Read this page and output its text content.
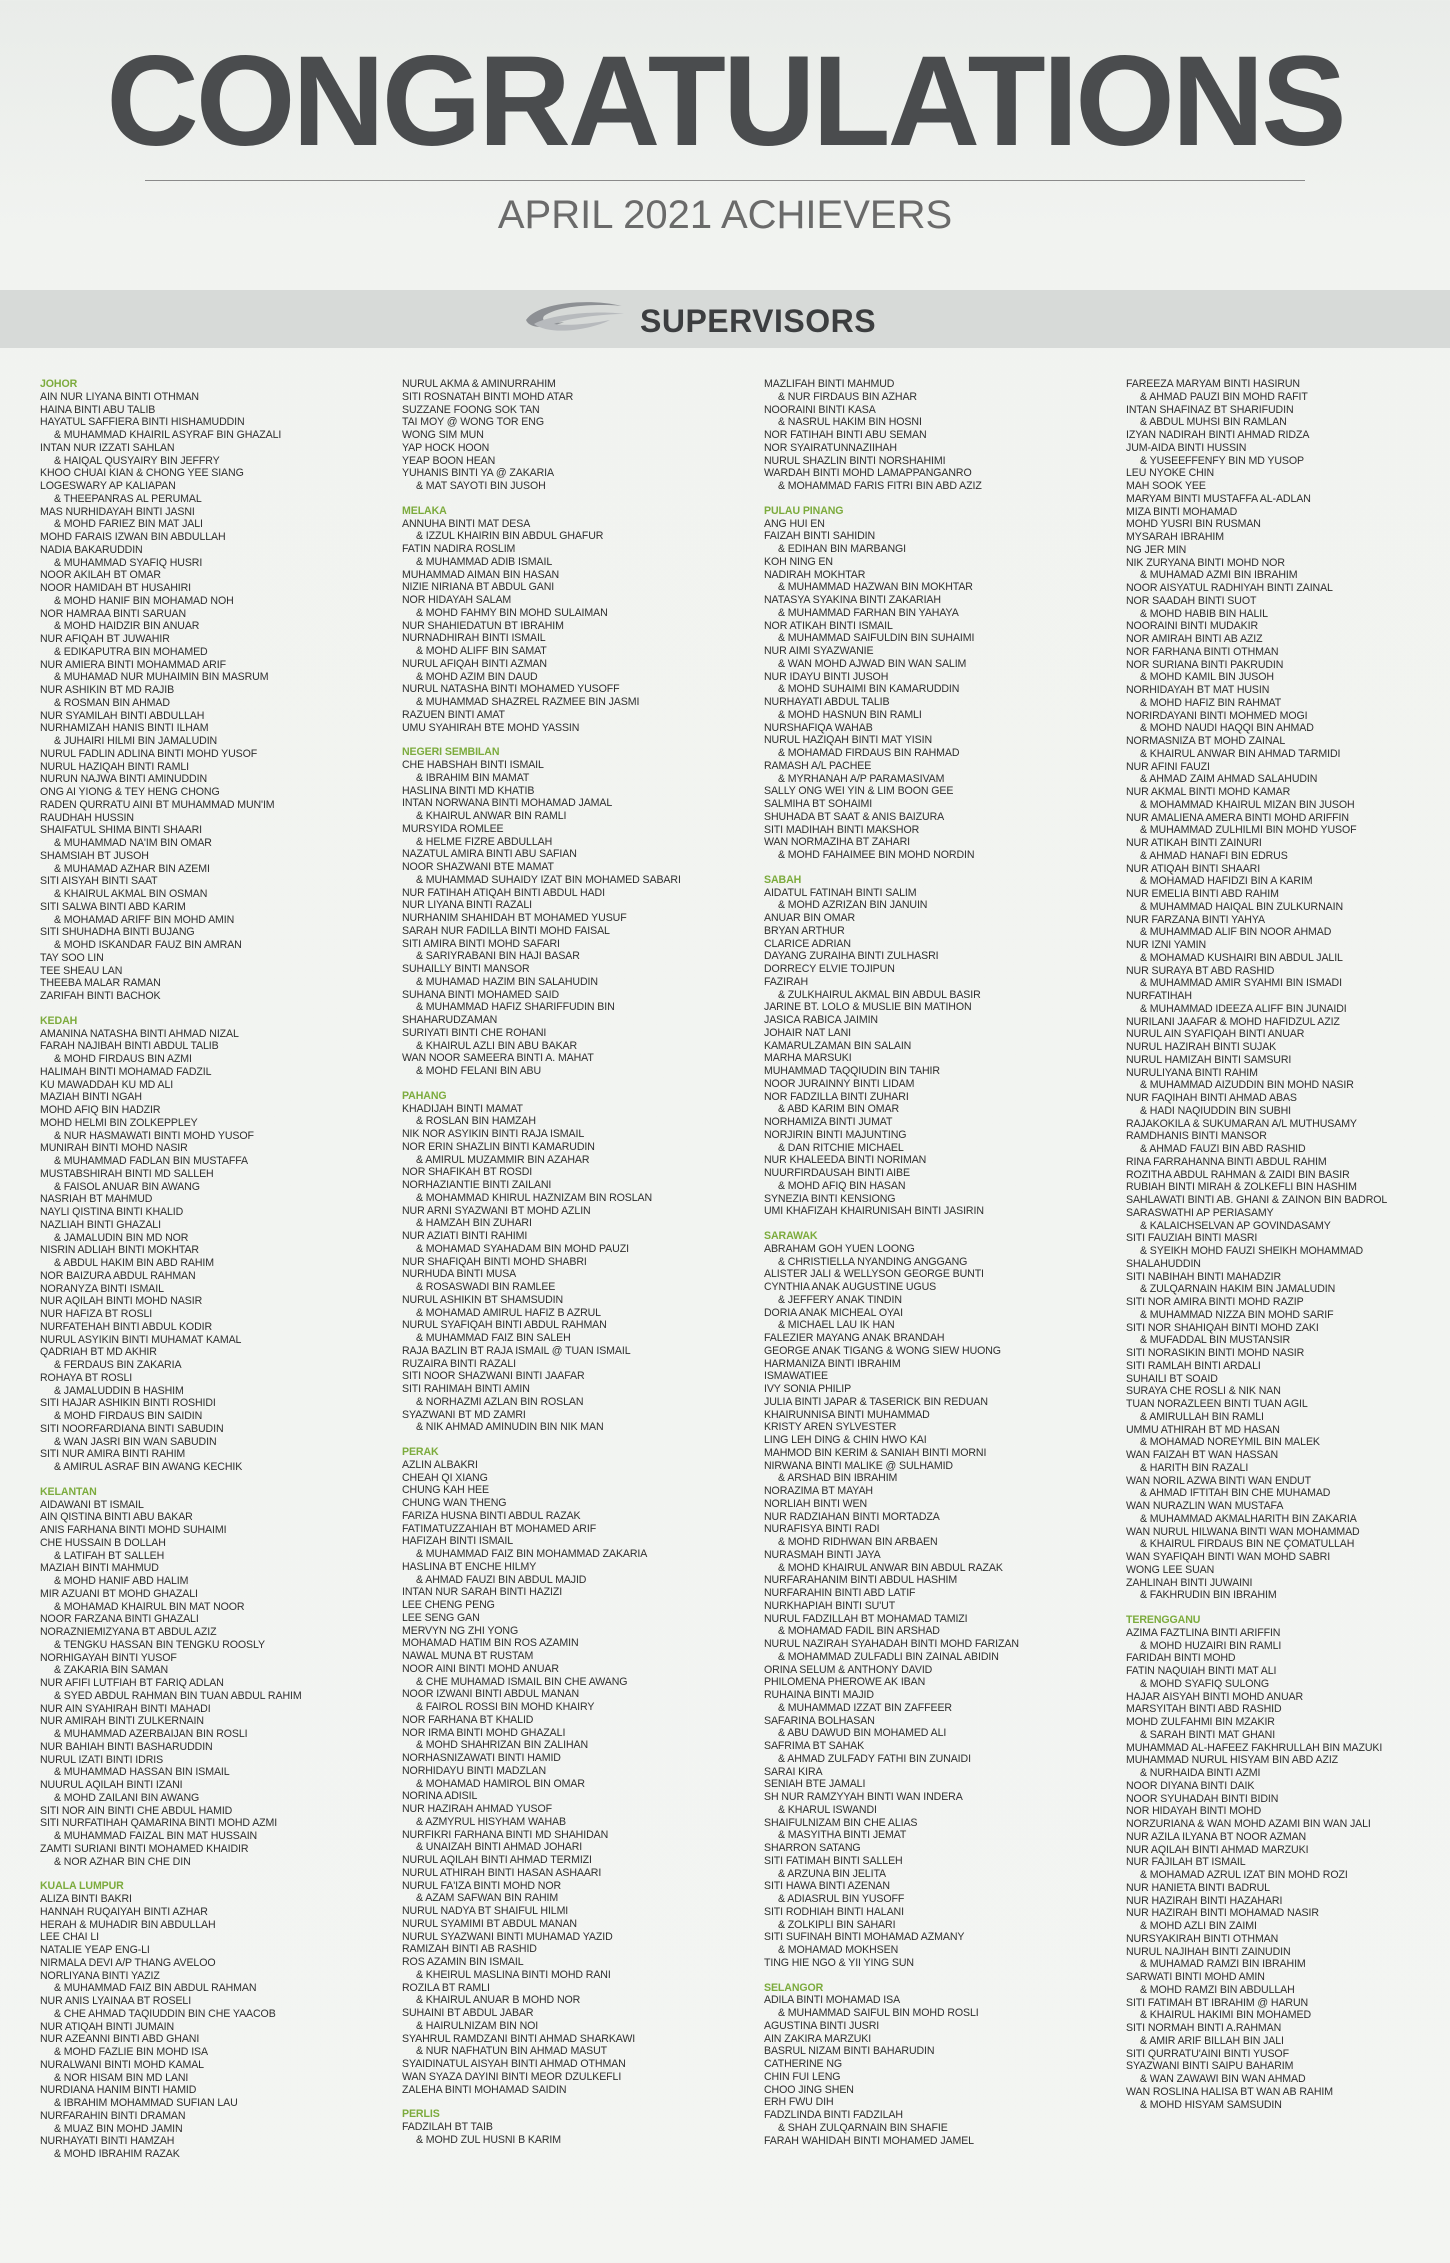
CONGRATULATIONS
APRIL 2021 ACHIEVERS
SUPERVISORS
JOHOR
AIN NUR LIYANA BINTI OTHMAN
HAINA BINTI ABU TALIB
HAYATUL SAFFIERA BINTI HISHAMUDDIN
& MUHAMMAD KHAIRIL ASYRAF BIN GHAZALI
INTAN NUR IZZATI SAHLAN
& HAIQAL QUSYAIRY BIN JEFFRY
KHOO CHUAI KIAN & CHONG YEE SIANG
LOGESWARY AP KALIAPAN
& THEEPANRAS AL PERUMAL
MAS NURHIDAYAH BINTI JASNI
& MOHD FARIEZ BIN MAT JALI
MOHD FARAIS IZWAN BIN ABDULLAH
NADIA BAKARUDDIN
& MUHAMMAD SYAFIQ HUSRI
NOOR AKILAH BT OMAR
NOOR HAMIDAH BT HUSAHIRI
& MOHD HANIF BIN MOHAMAD NOH
NOR HAMRAA BINTI SARUAN
& MOHD HAIDZIR BIN ANUAR
NUR AFIQAH BT JUWAHIR
& EDIKAPUTRA BIN MOHAMED
NUR AMIERA BINTI MOHAMMAD ARIF
& MUHAMAD NUR MUHAIMIN BIN MASRUM
NUR ASHIKIN BT MD RAJIB
& ROSMAN BIN AHMAD
NUR SYAMILAH BINTI ABDULLAH
NURHAMIZAH HANIS BINTI ILHAM
& JUHAIRI HILMI BIN JAMALUDIN
NURUL FADLIN ADLINA BINTI MOHD YUSOF
NURUL HAZIQAH BINTI RAMLI
NURUN NAJWA BINTI AMINUDDIN
ONG AI YIONG & TEY HENG CHONG
RADEN QURRATU AINI BT MUHAMMAD MUN'IM
RAUDHAH HUSSIN
SHAIFATUL SHIMA BINTI SHAARI
& MUHAMMAD NA'IM BIN OMAR
SHAMSIAH BT JUSOH
& MUHAMAD AZHAR BIN AZEMI
SITI AISYAH BINTI SAAT
& KHAIRUL AKMAL BIN OSMAN
SITI SALWA BINTI ABD KARIM
& MOHAMAD ARIFF BIN MOHD AMIN
SITI SHUHADHA BINTI BUJANG
& MOHD ISKANDAR FAUZ BIN AMRAN
TAY SOO LIN
TEE SHEAU LAN
THEEBA MALAR RAMAN
ZARIFAH BINTI BACHOK
KEDAH
AMANINA NATASHA BINTI AHMAD NIZAL
FARAH NAJIBAH BINTI ABDUL TALIB
& MOHD FIRDAUS BIN AZMI
HALIMAH BINTI MOHAMAD FADZIL
KU MAWADDAH KU MD ALI
MAZIAH BINTI NGAH
MOHD AFIQ BIN HADZIR
MOHD HELMI BIN ZOLKEPPLEY
& NUR HASMAWATI BINTI MOHD YUSOF
MUNIRAH BINTI MOHD NASIR
& MUHAMMAD FADLAN BIN MUSTAFFA
MUSTABSHIRAH BINTI MD SALLEH
& FAISOL ANUAR BIN AWANG
NASRIAH BT MAHMUD
NAYLI QISTINA BINTI KHALID
NAZLIAH BINTI GHAZALI
& JAMALUDIN BIN MD NOR
NISRIN ADLIAH BINTI MOKHTAR
& ABDUL HAKIM BIN ABD RAHIM
NOR BAIZURA ABDUL RAHMAN
NORANYZA BINTI ISMAIL
NUR AQILAH BINTI MOHD NASIR
NUR HAFIZA BT ROSLI
NURFATEHAH BINTI ABDUL KODIR
NURUL ASYIKIN BINTI MUHAMAT KAMAL
QADRIAH BT MD AKHIR
& FERDAUS BIN ZAKARIA
ROHAYA BT ROSLI
& JAMALUDDIN B HASHIM
SITI HAJAR ASHIKIN BINTI ROSHIDI
& MOHD FIRDAUS BIN SAIDIN
SITI NOORFARDIANA BINTI SABUDIN
& WAN JASRI BIN WAN SABUDIN
SITI NUR AMIRA BINTI RAHIM
& AMIRUL ASRAF BIN AWANG KECHIK
KELANTAN
AIDAWANI BT ISMAIL
AIN QISTINA BINTI ABU BAKAR
ANIS FARHANA BINTI MOHD SUHAIMI
CHE HUSSAIN B DOLLAH
& LATIFAH BT SALLEH
MAZIAH BINTI MAHMUD
& MOHD HANIF ABD HALIM
MIR AZUANI BT MOHD GHAZALI
& MOHAMAD KHAIRUL BIN MAT NOOR
NOOR FARZANA BINTI GHAZALI
NORAZNIEMIZYANA BT ABDUL AZIZ
& TENGKU HASSAN BIN TENGKU ROOSLY
NORHIGAYAH BINTI YUSOF
& ZAKARIA BIN SAMAN
NUR AFIFI LUTFIAH BT FARIQ ADLAN
& SYED ABDUL RAHMAN BIN TUAN ABDUL RAHIM
NUR AIN SYAHIRAH BINTI MAHADI
NUR AMIRAH BINTI ZULKERNAIN
& MUHAMMAD AZERBAIJAN BIN ROSLI
NUR BAHIAH BINTI BASHARUDDIN
NURUL IZATI BINTI IDRIS
& MUHAMMAD HASSAN BIN ISMAIL
NUURUL AQILAH BINTI IZANI
& MOHD ZAILANI BIN AWANG
SITI NOR AIN BINTI CHE ABDUL HAMID
SITI NURFATIHAH QAMARINA BINTI MOHD AZMI
& MUHAMMAD FAIZAL BIN MAT HUSSAIN
ZAMTI SURIANI BINTI MOHAMED KHAIDIR
& NOR AZHAR BIN CHE DIN
KUALA LUMPUR
ALIZA BINTI BAKRI
HANNAH RUQAIYAH BINTI AZHAR
HERAH & MUHADIR BIN ABDULLAH
LEE CHAI LI
NATALIE YEAP ENG-LI
NIRMALA DEVI A/P THANG AVELOO
NORLIYANA BINTI YAZIZ
& MUHAMMAD FAIZ BIN ABDUL RAHMAN
NUR ANIS LYAINAA BT ROSELI
& CHE AHMAD TAQIUDDIN BIN CHE YAACOB
NUR ATIQAH BINTI JUMAIN
NUR AZEANNI BINTI ABD GHANI
& MOHD FAZLIE BIN MOHD ISA
NURALWANI BINTI MOHD KAMAL
& NOR HISAM BIN MD LANI
NURDIANA HANIM BINTI HAMID
& IBRAHIM MOHAMMAD SUFIAN LAU
NURFARAHIN BINTI DRAMAN
& MUAZ BIN MOHD JAMIN
NURHAYATI BINTI HAMZAH
& MOHD IBRAHIM RAZAK
NURUL AKMA & AMINURRAHIM
SITI ROSNATAH BINTI MOHD ATAR
SUZZANE FOONG SOK TAN
TAI MOY @ WONG TOR ENG
WONG SIM MUN
YAP HOCK HOON
YEAP BOON HEAN
YUHANIS BINTI YA @ ZAKARIA
& MAT SAYOTI BIN JUSOH
MELAKA
ANNUHA BINTI MAT DESA
& IZZUL KHAIRIN BIN ABDUL GHAFUR
FATIN NADIRA ROSLIM
& MUHAMMAD ADIB ISMAIL
MUHAMMAD AIMAN BIN HASAN
NIZIE NIRIANA BT ABDUL GANI
NOR HIDAYAH SALAM
& MOHD FAHMY BIN MOHD SULAIMAN
NUR SHAHIEDATUN BT IBRAHIM
NURNADHIRAH BINTI ISMAIL
& MOHD ALIFF BIN SAMAT
NURUL AFIQAH BINTI AZMAN
& MOHD AZIM BIN DAUD
NURUL NATASHA BINTI MOHAMED YUSOFF
& MUHAMMAD SHAZREL RAZMEE BIN JASMI
RAZUEN BINTI AMAT
UMU SYAHIRAH BTE MOHD YASSIN
NEGERI SEMBILAN
CHE HABSHAH BINTI ISMAIL
& IBRAHIM BIN MAMAT
HASLINA BINTI MD KHATIB
INTAN NORWANA BINTI MOHAMAD JAMAL
& KHAIRUL ANWAR BIN RAMLI
MURSYIDA ROMLEE
& HELME FIZRE ABDULLAH
NAZATUL AMIRA BINTI ABU SAFIAN
NOOR SHAZWANI BTE MAMAT
& MUHAMMAD SUHAIDY IZAT BIN MOHAMED SABARI
NUR FATIHAH ATIQAH BINTI ABDUL HADI
NUR LIYANA BINTI RAZALI
NURHANIM SHAHIDAH BT MOHAMED YUSUF
SARAH NUR FADILLA BINTI MOHD FAISAL
SITI AMIRA BINTI MOHD SAFARI
& SARIYRABANI BIN HAJI BASAR
SUHAILLY BINTI MANSOR
& MUHAMAD HAZIM BIN SALAHUDIN
SUHANA BINTI MOHAMED SAID
& MUHAMMAD HAFIZ SHARIFFUDIN BIN
SHAHARUDZAMAN
SURIYATI BINTI CHE ROHANI
& KHAIRUL AZLI BIN ABU BAKAR
WAN NOOR SAMEERA BINTI A. MAHAT
& MOHD FELANI BIN ABU
PAHANG
KHADIJAH BINTI MAMAT
& ROSLAN BIN HAMZAH
NIK NOR ASYIKIN BINTI RAJA ISMAIL
NOR ERIN SHAZLIN BINTI KAMARUDIN
& AMIRUL MUZAMMIR BIN AZAHAR
NOR SHAFIKAH BT ROSDI
NORHAZIANTIE BINTI ZAILANI
& MOHAMMAD KHIRUL HAZNIZAM BIN ROSLAN
NUR ARNI SYAZWANI BT MOHD AZLIN
& HAMZAH BIN ZUHARI
NUR AZIATI BINTI RAHIMI
& MOHAMAD SYAHADAM BIN MOHD PAUZI
NUR SHAFIQAH BINTI MOHD SHABRI
NURHUDA BINTI MUSA
& ROSASWADI BIN RAMLEE
NURUL ASHIKIN BT SHAMSUDIN
& MOHAMAD AMIRUL HAFIZ B AZRUL
NURUL SYAFIQAH BINTI ABDUL RAHMAN
& MUHAMMAD FAIZ BIN SALEH
RAJA BAZLIN BT RAJA ISMAIL @ TUAN ISMAIL
RUZAIRA BINTI RAZALI
SITI NOOR SHAZWANI BINTI JAAFAR
SITI RAHIMAH BINTI AMIN
& NORHAZMI AZLAN BIN ROSLAN
SYAZWANI BT MD ZAMRI
& NIK AHMAD AMINUDIN BIN NIK MAN
PERAK
AZLIN ALBAKRI
CHEAH QI XIANG
CHUNG KAH HEE
CHUNG WAN THENG
FARIZA HUSNA BINTI ABDUL RAZAK
FATIMATUZZAHIAH BT MOHAMED ARIF
HAFIZAH BINTI ISMAIL
& MUHAMMAD FAIZ BIN MOHAMMAD ZAKARIA
HASLINA BT ENCHE HILMY
& AHMAD FAUZI BIN ABDUL MAJID
INTAN NUR SARAH BINTI HAZIZI
LEE CHENG PENG
LEE SENG GAN
MERVYN NG ZHI YONG
MOHAMAD HATIM BIN ROS AZAMIN
NAWAL MUNA BT RUSTAM
NOOR AINI BINTI MOHD ANUAR
& CHE MUHAMAD ISMAIL BIN CHE AWANG
NOOR IZWANI BINTI ABDUL MANAN
& FAIROL ROSSI BIN MOHD KHAIRY
NOR FARHANA BT KHALID
NOR IRMA BINTI MOHD GHAZALI
& MOHD SHAHRIZAN BIN ZALIHAN
NORHASNIZAWATI BINTI HAMID
NORHIDAYU BINTI MADZLAN
& MOHAMAD HAMIROL BIN OMAR
NORINA ADISIL
NUR HAZIRAH AHMAD YUSOF
& AZMYRUL HISYHAM WAHAB
NURFIKRI FARHANA BINTI MD SHAHIDAN
& UNAIZAH BINTI AHMAD JOHARI
NURUL AQILAH BINTI AHMAD TERMIZI
NURUL ATHIRAH BINTI HASAN ASHAARI
NURUL FA'IZA BINTI MOHD NOR
& AZAM SAFWAN BIN RAHIM
NURUL NADYA BT SHAIFUL HILMI
NURUL SYAMIMI BT ABDUL MANAN
NURUL SYAZWANI BINTI MUHAMAD YAZID
RAMIZAH BINTI AB RASHID
ROS AZAMIN BIN ISMAIL
& KHEIRUL MASLINA BINTI MOHD RANI
ROZILA BT RAMLI
& KHAIRUL ANUAR B MOHD NOR
SUHAINI BT ABDUL JABAR
& HAIRULNIZAM BIN NOI
SYAHRUL RAMDZANI BINTI AHMAD SHARKAWI
& NUR NAFHATUN BIN AHMAD MASUT
SYAIDINATUL AISYAH BINTI AHMAD OTHMAN
WAN SYAZA DAYINI BINTI MEOR DZULKEFLI
ZALEHA BINTI MOHAMAD SAIDIN
PERLIS
FADZILAH BT TAIB
& MOHD ZUL HUSNI B KARIM
MAZLIFAH BINTI MAHMUD
& NUR FIRDAUS BIN AZHAR
NOORAINI BINTI KASA
& NASRUL HAKIM BIN HOSNI
NOR FATIHAH BINTI ABU SEMAN
NOR SYAIRATUNNAZIIHAH
NURUL SHAZLIN BINTI NORSHAHIMI
WARDAH BINTI MOHD LAMAPPANGANRO
& MOHAMMAD FARIS FITRI BIN ABD AZIZ
PULAU PINANG
ANG HUI EN
FAIZAH BINTI SAHIDIN
& EDIHAN BIN MARBANGI
KOH NING EN
NADIRAH MOKHTAR
& MUHAMMAD HAZWAN BIN MOKHTAR
NATASYA SYAKINA BINTI ZAKARIAH
& MUHAMMAD FARHAN BIN YAHAYA
NOR ATIKAH BINTI ISMAIL
& MUHAMMAD SAIFULDIN BIN SUHAIMI
NUR AIMI SYAZWANIE
& WAN MOHD AJWAD BIN WAN SALIM
NUR IDAYU BINTI JUSOH
& MOHD SUHAIMI BIN KAMARUDDIN
NURHAYATI ABDUL TALIB
& MOHD HASNUN BIN RAMLI
NURSHAFIQA WAHAB
NURUL HAZIQAH BINTI MAT YISIN
& MOHAMAD FIRDAUS BIN RAHMAD
RAMASH A/L PACHEE
& MYRHANAH A/P PARAMASIVAM
SALLY ONG WEI YIN & LIM BOON GEE
SALMIHA BT SOHAIMI
SHUHADA BT SAAT & ANIS BAIZURA
SITI MADIHAH BINTI MAKSHOR
WAN NORMAZIHA BT ZAHARI
& MOHD FAHAIMEE BIN MOHD NORDIN
SABAH
AIDATUL FATINAH BINTI SALIM
& MOHD AZRIZAN BIN JANUIN
ANUAR BIN OMAR
BRYAN ARTHUR
CLARICE ADRIAN
DAYANG ZURAIHA BINTI ZULHASRI
DORRECY ELVIE TOJIPUN
FAZIRAH
& ZULKHAIRUL AKMAL BIN ABDUL BASIR
JARINE BT. LOLO & MUSLIE BIN MATIHON
JASICA RABICA JAIMIN
JOHAIR NAT LANI
KAMARULZAMAN BIN SALAIN
MARHA MARSUKI
MUHAMMAD TAQQIUDIN BIN TAHIR
NOOR JURAINNY BINTI LIDAM
NOR FADZILLA BINTI ZUHARI
& ABD KARIM BIN OMAR
NORHAMIZA BINTI JUMAT
NORJIRIN BINTI MAJUNTING
& DAN RITCHIE MICHAEL
NUR KHALEEDA BINTI NORIMAN
NUURFIRDAUSAH BINTI AIBE
& MOHD AFIQ BIN HASAN
SYNEZIA BINTI KENSIONG
UMI KHAFIZAH KHAIRUNISAH BINTI JASIRIN
SARAWAK
ABRAHAM GOH YUEN LOONG
& CHRISTIELLA NYANDING ANGGANG
ALISTER JALI & WELLYSON GEORGE BUNTI
CYNTHIA ANAK AUGUSTINE UGUS
& JEFFERY ANAK TINDIN
DORIA ANAK MICHEAL OYAI
& MICHAEL LAU IK HAN
FALEZIER MAYANG ANAK BRANDAH
GEORGE ANAK TIGANG & WONG SIEW HUONG
HARMANIZA BINTI IBRAHIM
ISMAWATIEE
IVY SONIA PHILIP
JULIA BINTI JAPAR & TASERICK BIN REDUAN
KHAIRUNNISA BINTI MUHAMMAD
KRISTY AREN SYLVESTER
LING LEH DING & CHIN HWO KAI
MAHMOD BIN KERIM & SANIAH BINTI MORNI
NIRWANA BINTI MALIKE @ SULHAMID
& ARSHAD BIN IBRAHIM
NORAZIMA BT MAYAH
NORLIAH BINTI WEN
NUR RADZIAHAN BINTI MORTADZA
NURAFISYA BINTI RADI
& MOHD RIDHWAN BIN ARBAEN
NURASMAH BINTI JAYA
& MOHD KHAIRUL ANWAR BIN ABDUL RAZAK
NURFARAHANIM BINTI ABDUL HASHIM
NURFARAHIN BINTI ABD LATIF
NURKHAPIAH BINTI SU'UT
NURUL FADZILLAH BT MOHAMAD TAMIZI
& MOHAMAD FADIL BIN ARSHAD
NURUL NAZIRAH SYAHADAH BINTI MOHD FARIZAN
& MOHAMMAD ZULFADLI BIN ZAINAL ABIDIN
ORINA SELUM & ANTHONY DAVID
PHILOMENA PHEROWE AK IBAN
RUHAINA BINTI MAJID
& MUHAMMAD IZZAT BIN ZAFFEER
SAFARINA BOLHASAN
& ABU DAWUD BIN MOHAMED ALI
SAFRIMA BT SAHAK
& AHMAD ZULFADY FATHI BIN ZUNAIDI
SARAI KIRA
SENIAH BTE JAMALI
SH NUR RAMZYYAH BINTI WAN INDERA
& KHARUL ISWANDI
SHAIFULNIZAM BIN CHE ALIAS
& MASYITHA BINTI JEMAT
SHARRON SATANG
SITI FATIMAH BINTI SALLEH
& ARZUNA BIN JELITA
SITI HAWA BINTI AZENAN
& ADIASRUL BIN YUSOFF
SITI RODHIAH BINTI HALANI
& ZOLKIPLI BIN SAHARI
SITI SUFINAH BINTI MOHAMAD AZMANY
& MOHAMAD MOKHSEN
TING HIE NGO & YII YING SUN
SELANGOR
ADILA BINTI MOHAMAD ISA
& MUHAMMAD SAIFUL BIN MOHD ROSLI
AGUSTINA BINTI JUSRI
AIN ZAKIRA MARZUKI
BASRUL NIZAM BINTI BAHARUDIN
CATHERINE NG
CHIN FUI LENG
CHOO JING SHEN
ERH FWU DIH
FADZLINDA BINTI FADZILAH
& SHAH ZULQARNAIN BIN SHAFIE
FARAH WAHIDAH BINTI MOHAMED JAMEL
FAREEZA MARYAM BINTI HASIRUN
& AHMAD PAUZI BIN MOHD RAFIT
INTAN SHAFINAZ BT SHARIFUDIN
& ABDUL MUHSI BIN RAMLAN
IZYAN NADIRAH BINTI AHMAD RIDZA
JUM-AIDA BINTI HUSSIN
& YUSEEFFENFY BIN MD YUSOP
LEU NYOKE CHIN
MAH SOOK YEE
MARYAM BINTI MUSTAFFA AL-ADLAN
MIZA BINTI MOHAMAD
MOHD YUSRI BIN RUSMAN
MYSARAH IBRAHIM
NG JER MIN
NIK ZURYANA BINTI MOHD NOR
& MUHAMAD AZMI BIN IBRAHIM
NOOR AISYATUL RADHIYAH BINTI ZAINAL
NOR SAADAH BINTI SUOT
& MOHD HABIB BIN HALIL
NOORAINI BINTI MUDAKIR
NOR AMIRAH BINTI AB AZIZ
NOR FARHANA BINTI OTHMAN
NOR SURIANA BINTI PAKRUDIN
& MOHD KAMIL BIN JUSOH
NORHIDAYAH BT MAT HUSIN
& MOHD HAFIZ BIN RAHMAT
NORIRDAYANI BINTI MOHMED MOGI
& MOHD NAUDI HAQQI BIN AHMAD
NORMASNIZA BT MOHD ZAINAL
& KHAIRUL ANWAR BIN AHMAD TARMIDI
NUR AFINI FAUZI
& AHMAD ZAIM AHMAD SALAHUDIN
NUR AKMAL BINTI MOHD KAMAR
& MOHAMMAD KHAIRUL MIZAN BIN JUSOH
NUR AMALIENA AMERA BINTI MOHD ARIFFIN
& MUHAMMAD ZULHILMI BIN MOHD YUSOF
NUR ATIKAH BINTI ZAINURI
& AHMAD HANAFI BIN EDRUS
NUR ATIQAH BINTI SHAARI
& MOHAMAD HAFIDZI BIN A KARIM
NUR EMELIA BINTI ABD RAHIM
& MUHAMMAD HAIQAL BIN ZULKURNAIN
NUR FARZANA BINTI YAHYA
& MUHAMMAD ALIF BIN NOOR AHMAD
NUR IZNI YAMIN
& MOHAMAD KUSHAIRI BIN ABDUL JALIL
NUR SURAYA BT ABD RASHID
& MUHAMMAD AMIR SYAHMI BIN ISMADI
NURFATIHAH
& MUHAMMAD IDEEZA ALIFF BIN JUNAIDI
NURILANI JAAFAR & MOHD HAFIDZUL AZIZ
NURUL AIN SYAFIQAH BINTI ANUAR
NURUL HAZIRAH BINTI SUJAK
NURUL HAMIZAH BINTI SAMSURI
NURULIYANA BINTI RAHIM
& MUHAMMAD AIZUDDIN BIN MOHD NASIR
NUR FAQIHAH BINTI AHMAD ABAS
& HADI NAQIUDDIN BIN SUBHI
RAJAKOKILA & SUKUMARAN A/L MUTHUSAMY
RAMDHANIS BINTI MANSOR
& AHMAD FAUZI BIN ABD RASHID
RINA FARRAHANNA BINTI ABDUL RAHIM
ROZITHA ABDUL RAHMAN & ZAIDI BIN BASIR
RUBIAH BINTI MIRAH & ZOLKEFLI BIN HASHIM
SAHLAWATI BINTI AB. GHANI & ZAINON BIN BADROL
SARASWATHI AP PERIASAMY
& KALAICHSELVAN AP GOVINDASAMY
SITI FAUZIAH BINTI MASRI
& SYEIKH MOHD FAUZI SHEIKH MOHAMMAD
SHALAHUDDIN
SITI NABIHAH BINTI MAHADZIR
& ZULQARNAIN HAKIM BIN JAMALUDIN
SITI NOR AMIRA BINTI MOHD RAZIP
& MUHAMMAD NIZZA BIN MOHD SARIF
SITI NOR SHAHIQAH BINTI MOHD ZAKI
& MUFADDAL BIN MUSTANSIR
SITI NORASIKIN BINTI MOHD NASIR
SITI RAMLAH BINTI ARDALI
SUHAILI BT SOAID
SURAYA CHE ROSLI & NIK NAN
TUAN NORAZLEEN BINTI TUAN AGIL
& AMIRULLAH BIN RAMLI
UMMU ATHIRAH BT MD HASAN
& MOHAMAD NOREYMIL BIN MALEK
WAN FAIZAH BT WAN HASSAN
& HARITH BIN RAZALI
WAN NORIL AZWA BINTI WAN ENDUT
& AHMAD IFTITAH BIN CHE MUHAMAD
WAN NURAZLIN WAN MUSTAFA
& MUHAMMAD AKMALHARITH BIN ZAKARIA
WAN NURUL HILWANA BINTI WAN MOHAMMAD
& KHAIRUL FIRDAUS BIN NE ÇOMATULLAH
WAN SYAFIQAH BINTI WAN MOHD SABRI
WONG LEE SUAN
ZAHLINAH BINTI JUWAINI
& FAKHRUDIN BIN IBRAHIM
TERENGGANU
AZIMA FAZTLINA BINTI ARIFFIN
& MOHD HUZAIRI BIN RAMLI
FARIDAH BINTI MOHD
FATIN NAQUIAH BINTI MAT ALI
& MOHD SYAFIQ SULONG
HAJAR AISYAH BINTI MOHD ANUAR
MARSYITAH BINTI ABD RASHID
MOHD ZULFAHMI BIN MZAKIR
& SARAH BINTI MAT GHANI
MUHAMMAD AL-HAFEEZ FAKHRULLAH BIN MAZUKI
MUHAMMAD NURUL HISYAM BIN ABD AZIZ
& NURHAIDA BINTI AZMI
NOOR DIYANA BINTI DAIK
NOOR SYUHADAH BINTI BIDIN
NOR HIDAYAH BINTI MOHD
NORZURIANA & WAN MOHD AZAMI BIN WAN JALI
NUR AZILA ILYANA BT NOOR AZMAN
NUR AQILAH BINTI AHMAD MARZUKI
NUR FAJILAH BT ISMAIL
& MOHAMAD AZRUL IZAT BIN MOHD ROZI
NUR HANIETA BINTI BADRUL
NUR HAZIRAH BINTI HAZAHARI
NUR HAZIRAH BINTI MOHAMAD NASIR
& MOHD AZLI BIN ZAIMI
NURSYAKIRAH BINTI OTHMAN
NURUL NAJIHAH BINTI ZAINUDIN
& MUHAMAD RAMZI BIN IBRAHIM
SARWATI BINTI MOHD AMIN
& MOHD RAMZI BIN ABDULLAH
SITI FATIMAH BT IBRAHIM @ HARUN
& KHAIRUL HAKIMI BIN MOHAMED
SITI NORMAH BINTI A.RAHMAN
& AMIR ARIF BILLAH BIN JALI
SITI QURRATU'AINI BINTI YUSOF
SYAZWANI BINTI SAIPU BAHARIM
& WAN ZAWAWI BIN WAN AHMAD
WAN ROSLINA HALISA BT WAN AB RAHIM
& MOHD HISYAM SAMSUDIN
